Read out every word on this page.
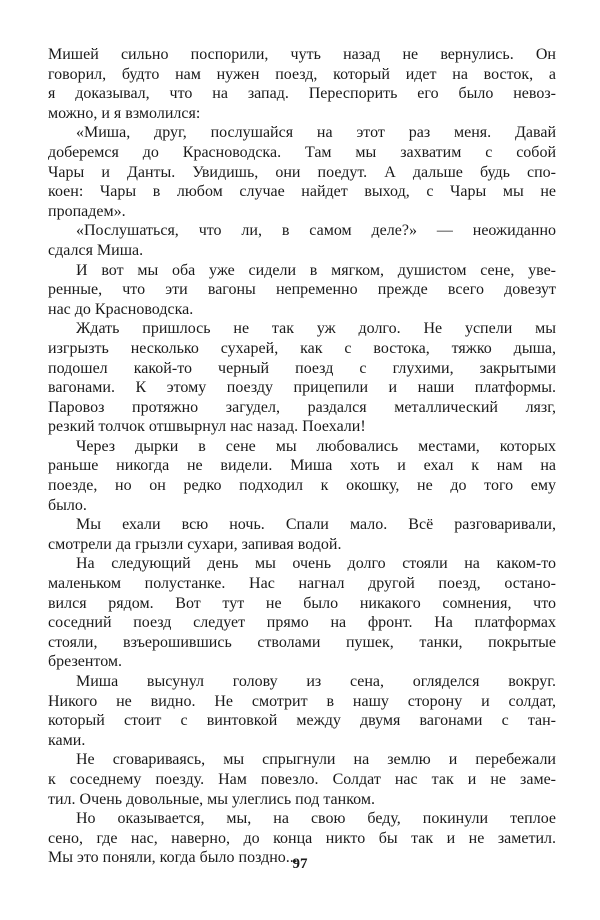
Мишей сильно поспорили, чуть назад не вернулись. Он
говорил, будто нам нужен поезд, который идет на восток, а
я доказывал, что на запад. Переспорить его было невоз-
можно, и я взмолился:
«Миша, друг, послушайся на этот раз меня. Давай
доберемся до Красноводска. Там мы захватим с собой
Чары и Данты. Увидишь, они поедут. А дальше будь спо-
коен: Чары в любом случае найдет выход, с Чары мы не
пропадем».
«Послушаться, что ли, в самом деле?» — неожиданно
сдался Миша.
И вот мы оба уже сидели в мягком, душистом сене, уве-
ренные, что эти вагоны непременно прежде всего довезут
нас до Красноводска.
Ждать пришлось не так уж долго. Не успели мы
изгрызть несколько сухарей, как с востока, тяжко дыша,
подошел какой-то черный поезд с глухими, закрытыми
вагонами. К этому поезду прицепили и наши платформы.
Паровоз протяжно загудел, раздался металлический лязг,
резкий толчок отшвырнул нас назад. Поехали!
Через дырки в сене мы любовались местами, которых
раньше никогда не видели. Миша хоть и ехал к нам на
поезде, но он редко подходил к окошку, не до того ему
было.
Мы ехали всю ночь. Спали мало. Всё разговаривали,
смотрели да грызли сухари, запивая водой.
На следующий день мы очень долго стояли на каком-то
маленьком полустанке. Нас нагнал другой поезд, остано-
вился рядом. Вот тут не было никакого сомнения, что
соседний поезд следует прямо на фронт. На платформах
стояли, взъерошившись стволами пушек, танки, покрытые
брезентом.
Миша высунул голову из сена, огляделся вокруг.
Никого не видно. Не смотрит в нашу сторону и солдат,
который стоит с винтовкой между двумя вагонами с тан-
ками.
Не сговариваясь, мы спрыгнули на землю и перебежали
к соседнему поезду. Нам повезло. Солдат нас так и не заме-
тил. Очень довольные, мы улеглись под танком.
Но оказывается, мы, на свою беду, покинули теплое
сено, где нас, наверно, до конца никто бы так и не заметил.
Мы это поняли, когда было поздно...
97
